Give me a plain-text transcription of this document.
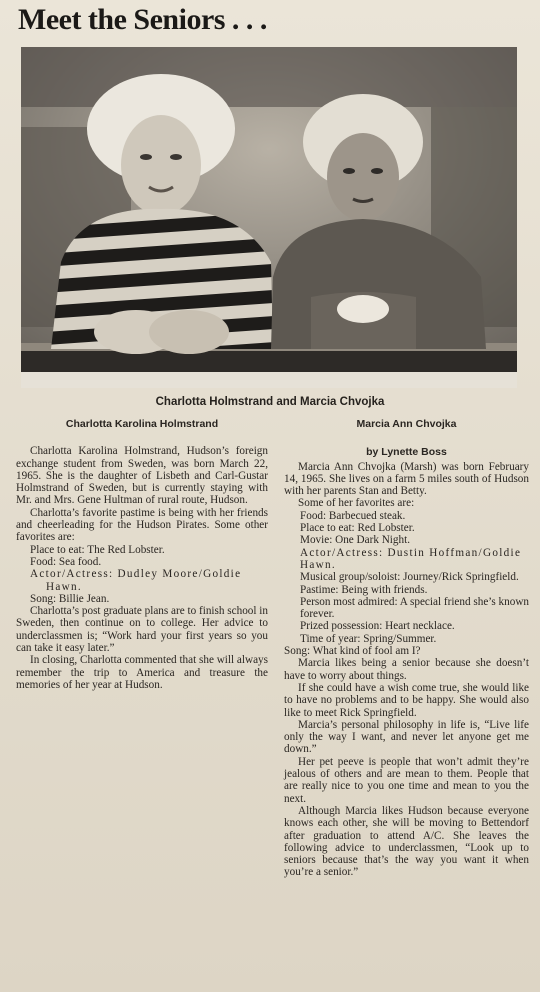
Meet the Seniors . . .
Charlotta Holmstrand and Marcia Chvojka
Charlotta Karolina Holmstrand

Charlotta Karolina Holmstrand, Hudson’s foreign exchange student from Sweden, was born March 22, 1965. She is the daughter of Lisbeth and Carl-Gustar Holmstrand of Sweden, but is currently staying with Mr. and Mrs. Gene Hultman of rural route, Hudson.

Charlotta’s favorite pastime is being with her friends and cheerleading for the Hudson Pirates. Some other favorites are:

Place to eat: The Red Lobster.

Food: Sea food.

Actor/Actress: Dudley Moore/Goldie Hawn.

Song: Billie Jean.

Charlotta’s post graduate plans are to finish school in Sweden, then continue on to college. Her advice to underclassmen is; “Work hard your first years so you can take it easy later.”

In closing, Charlotta commented that she will always remember the trip to America and treasure the memories of her year at Hudson.

Marcia Ann Chvojka
by Lynette Boss

Marcia Ann Chvojka (Marsh) was born February 14, 1965. She lives on a farm 5 miles south of Hudson with her parents Stan and Betty.

Some of her favorites are:

Food: Barbecued steak.

Place to eat: Red Lobster.

Movie: One Dark Night.

Actor/Actress: Dustin Hoffman/Goldie Hawn.

Musical group/soloist: Journey/Rick Springfield.

Pastime: Being with friends.

Person most admired: A special friend she’s known forever.

Prized possession: Heart necklace.

Time of year: Spring/Summer.

Song: What kind of fool am I?

Marcia likes being a senior because she doesn’t have to worry about things.

If she could have a wish come true, she would like to have no problems and to be happy. She would also like to meet Rick Springfield.

Marcia’s personal philosophy in life is, “Live life only the way I want, and never let anyone get me down.”

Her pet peeve is people that won’t admit they’re jealous of others and are mean to them. People that are really nice to you one time and mean to you the next.

Although Marcia likes Hudson because everyone knows each other, she will be moving to Bettendorf after graduation to attend A/C. She leaves the following advice to underclassmen, “Look up to seniors because that’s the way you want it when you’re a senior.”
